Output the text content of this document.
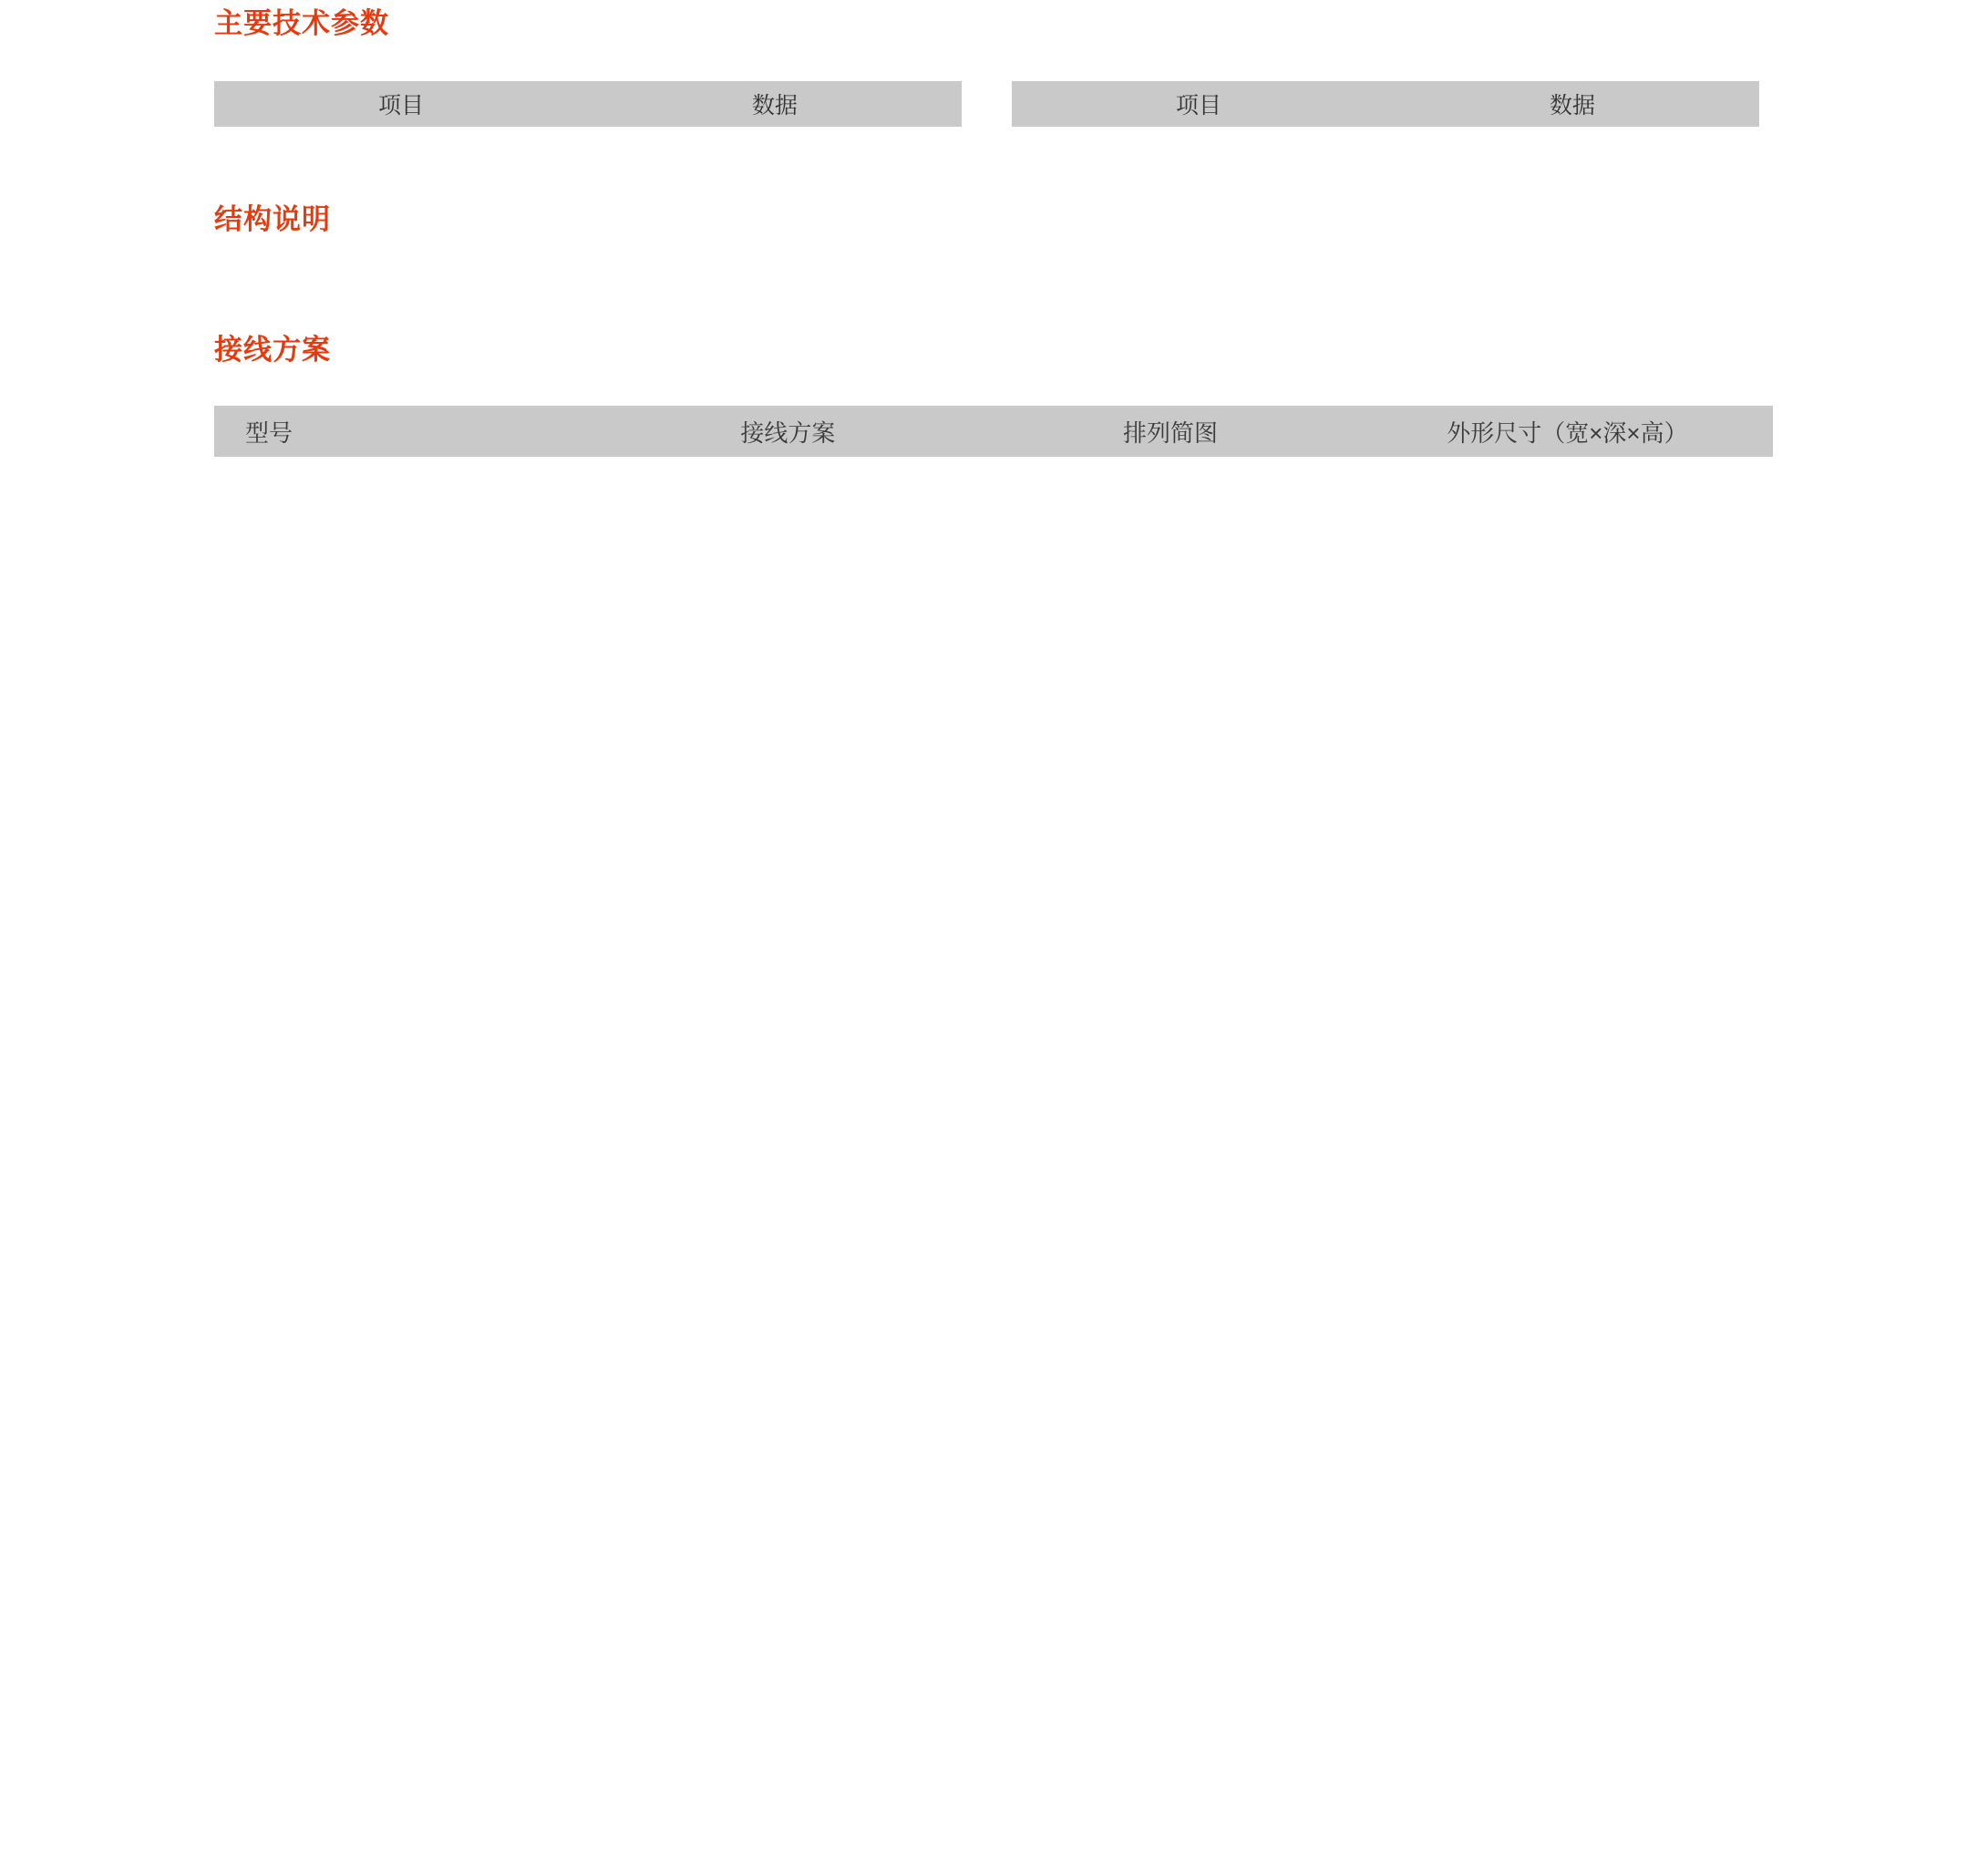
主要技术参数
项目	数据	项目	数据
结构说明
接线方案
型号	接线方案	排列简图	外形尺寸（宽×深×高）
